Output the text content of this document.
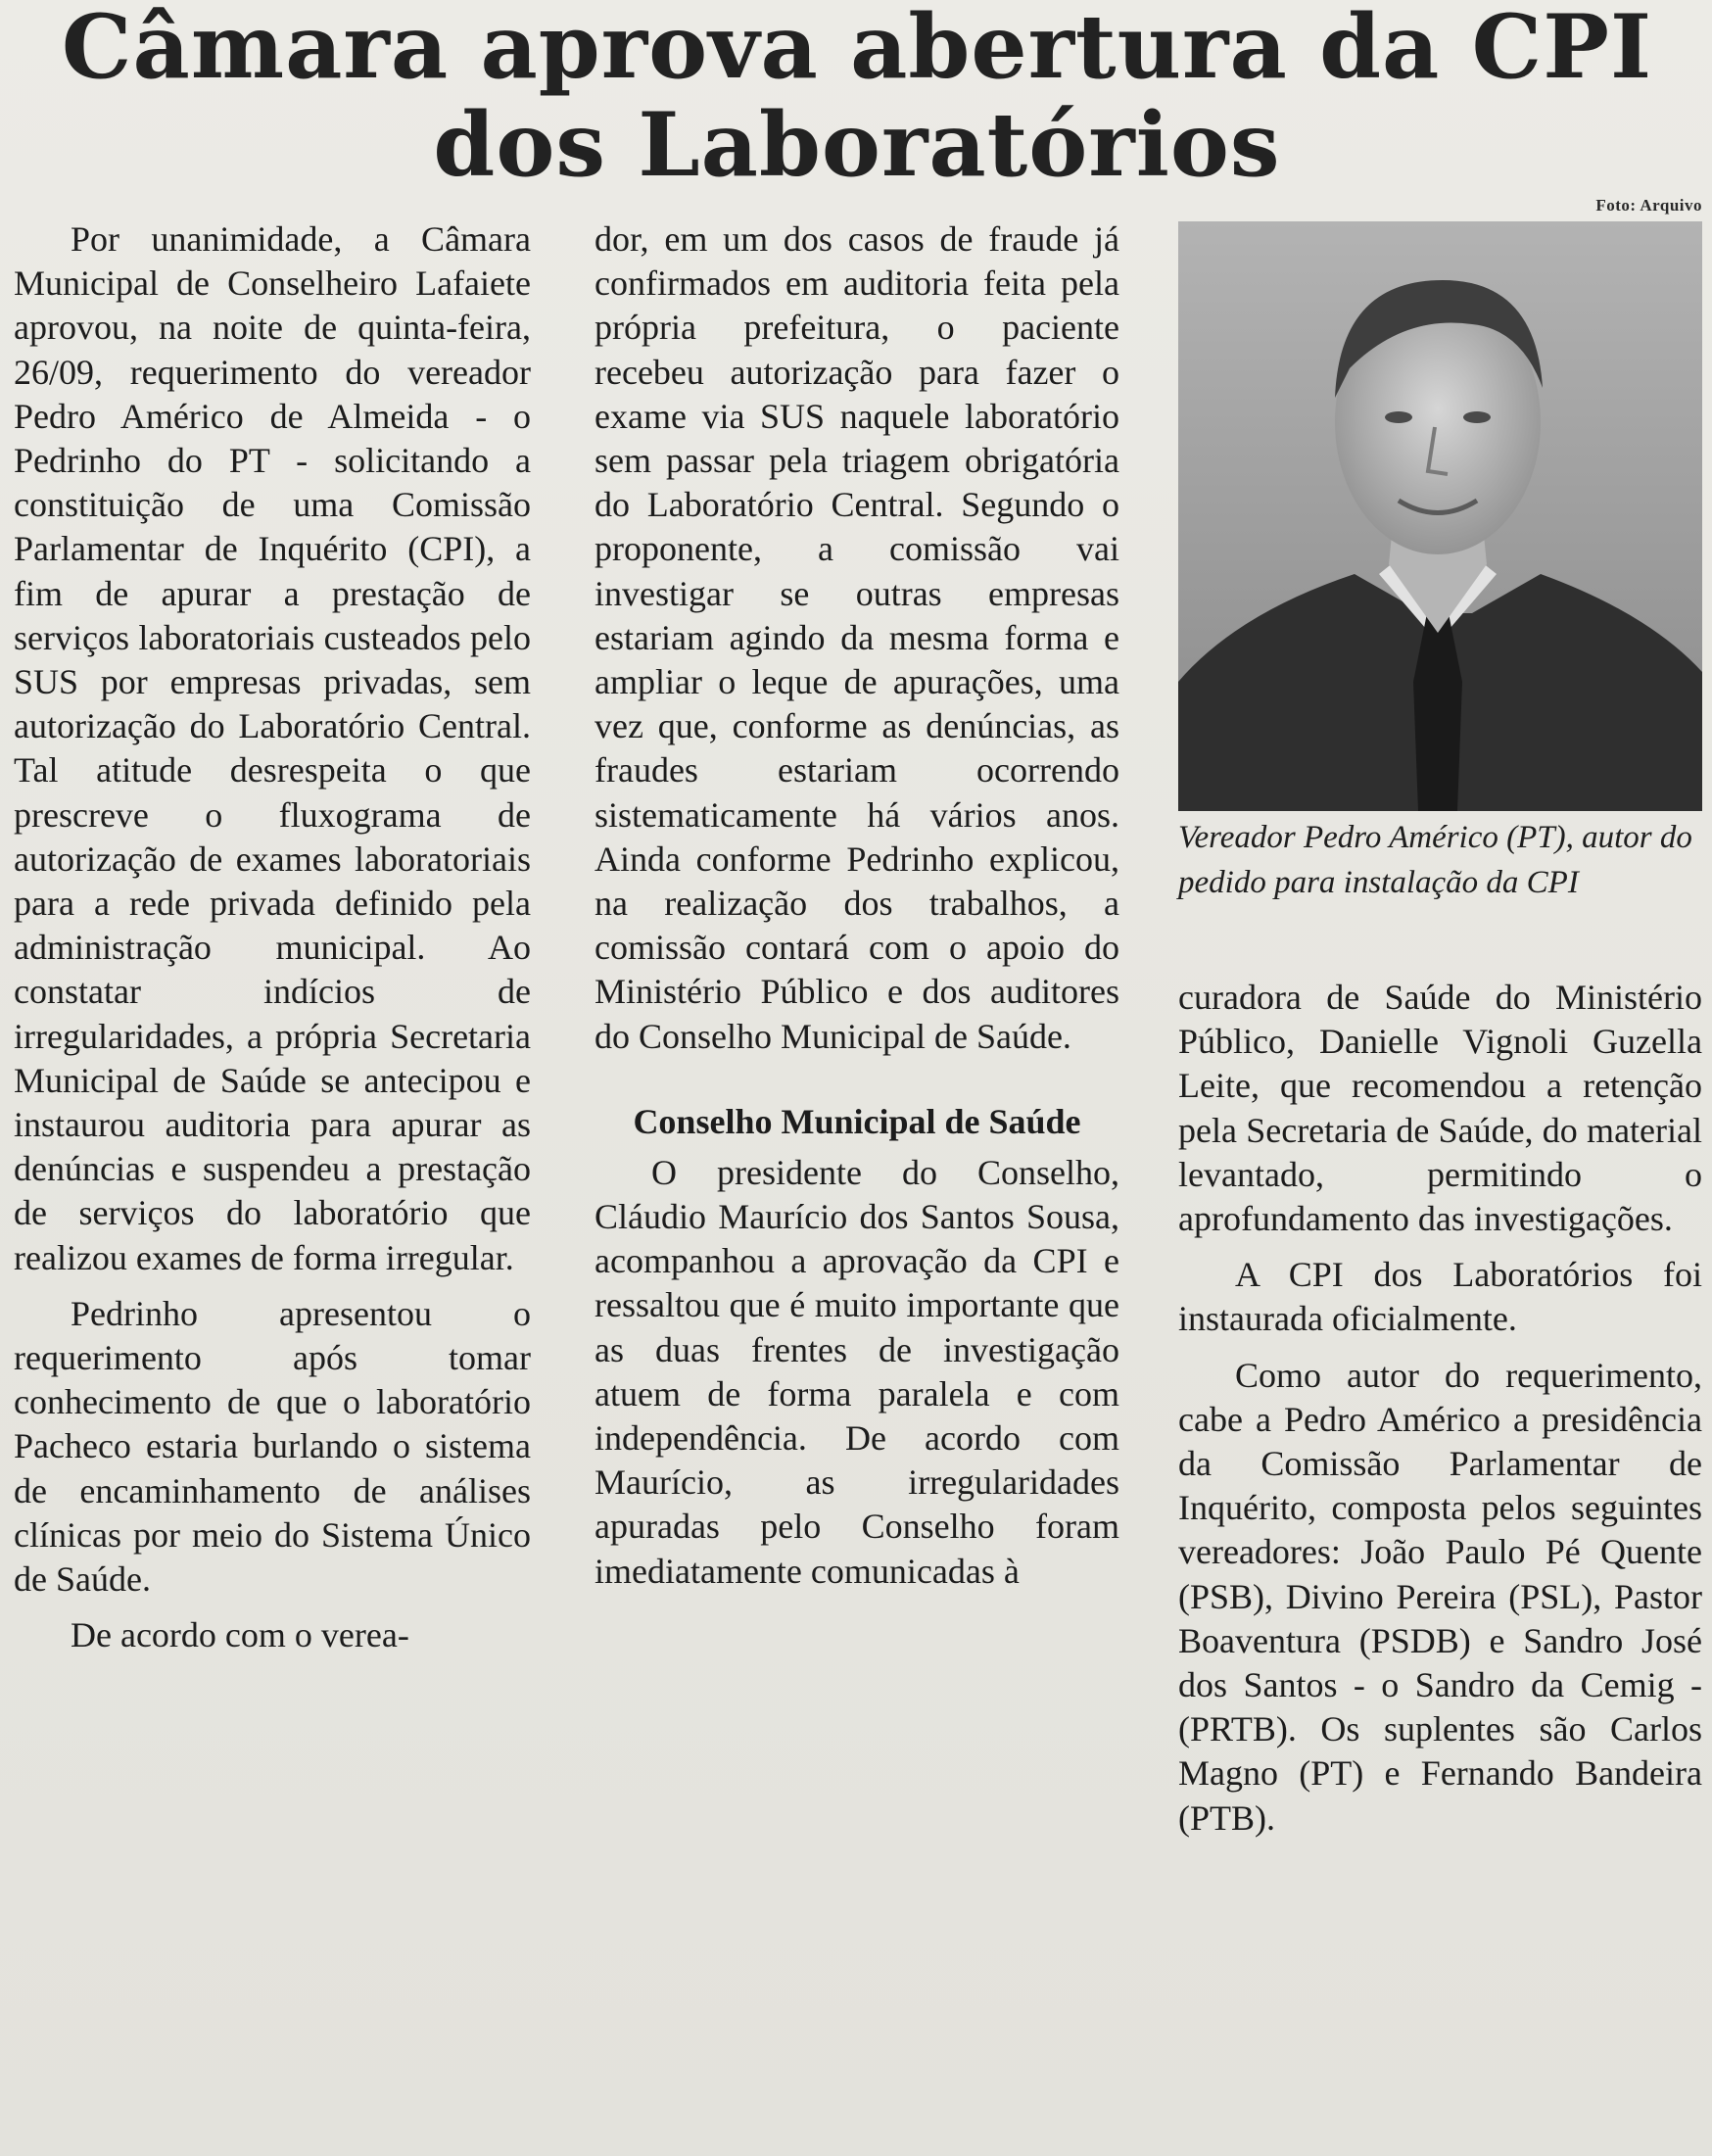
Câmara aprova abertura da CPI
dos Laboratórios
Foto: Arquivo

Por unanimidade, a Câmara Municipal de Conselheiro Lafaiete aprovou, na noite de quinta-feira, 26/09, requerimento do vereador Pedro Américo de Almeida - o Pedrinho do PT - solicitando a constituição de uma Comissão Parlamentar de Inquérito (CPI), a fim de apurar a prestação de serviços laboratoriais custeados pelo SUS por empresas privadas, sem autorização do Laboratório Central. Tal atitude desrespeita o que prescreve o fluxograma de autorização de exames laboratoriais para a rede privada definido pela administração municipal. Ao constatar indícios de irregularidades, a própria Secretaria Municipal de Saúde se antecipou e instaurou auditoria para apurar as denúncias e suspendeu a prestação de serviços do laboratório que realizou exames de forma irregular.

Pedrinho apresentou o requerimento após tomar conhecimento de que o laboratório Pacheco estaria burlando o sistema de encaminhamento de análises clínicas por meio do Sistema Único de Saúde.

De acordo com o verea-

dor, em um dos casos de fraude já confirmados em auditoria feita pela própria prefeitura, o paciente recebeu autorização para fazer o exame via SUS naquele laboratório sem passar pela triagem obrigatória do Laboratório Central. Segundo o proponente, a comissão vai investigar se outras empresas estariam agindo da mesma forma e ampliar o leque de apurações, uma vez que, conforme as denúncias, as fraudes estariam ocorrendo sistematicamente há vários anos. Ainda conforme Pedrinho explicou, na realização dos trabalhos, a comissão contará com o apoio do Ministério Público e dos auditores do Conselho Municipal de Saúde.

Conselho Municipal de Saúde

O presidente do Conselho, Cláudio Maurício dos Santos Sousa, acompanhou a aprovação da CPI e ressaltou que é muito importante que as duas frentes de investigação atuem de forma paralela e com independência. De acordo com Maurício, as irregularidades apuradas pelo Conselho foram imediatamente comunicadas à

Vereador Pedro Américo (PT), autor do pedido para instalação da CPI

curadora de Saúde do Ministério Público, Danielle Vignoli Guzella Leite, que recomendou a retenção pela Secretaria de Saúde, do material levantado, permitindo o aprofundamento das investigações.

A CPI dos Laboratórios foi instaurada oficialmente.

Como autor do requerimento, cabe a Pedro Américo a presidência da Comissão Parlamentar de Inquérito, composta pelos seguintes vereadores: João Paulo Pé Quente (PSB), Divino Pereira (PSL), Pastor Boaventura (PSDB) e Sandro José dos Santos - o Sandro da Cemig - (PRTB). Os suplentes são Carlos Magno (PT) e Fernando Bandeira (PTB).
